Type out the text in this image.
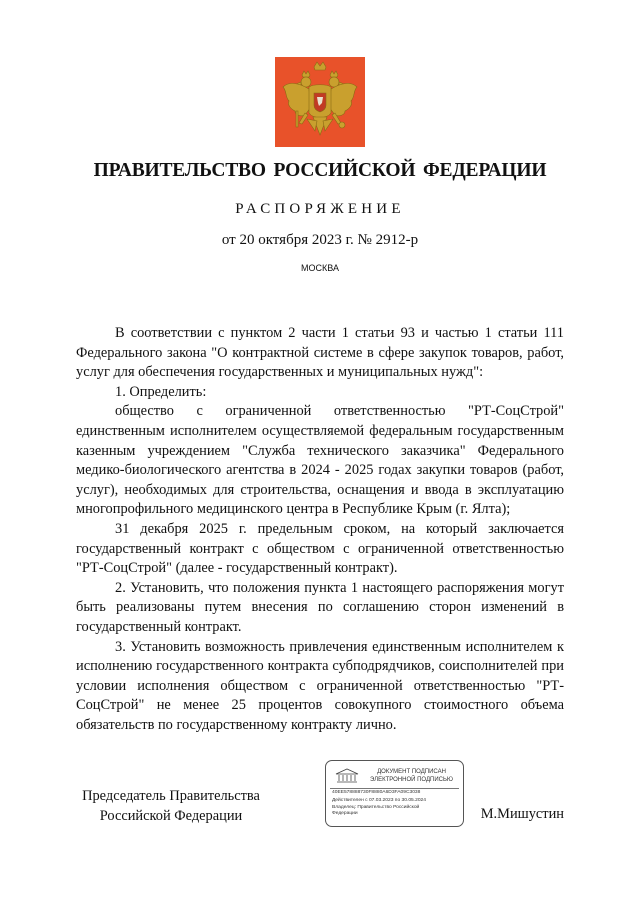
ПРАВИТЕЛЬСТВО РОССИЙСКОЙ ФЕДЕРАЦИИ
РАСПОРЯЖЕНИЕ
от 20 октября 2023 г. № 2912-р
МОСКВА

В соответствии с пунктом 2 части 1 статьи 93 и частью 1 статьи 111 Федерального закона "О контрактной системе в сфере закупок товаров, работ, услуг для обеспечения государственных и муниципальных нужд":

1. Определить:

общество с ограниченной ответственностью "РТ-СоцСтрой" единственным исполнителем осуществляемой федеральным государственным казенным учреждением "Служба технического заказчика" Федерального медико-биологического агентства в 2024 - 2025 годах закупки товаров (работ, услуг), необходимых для строительства, оснащения и ввода в эксплуатацию многопрофильного медицинского центра в Республике Крым (г. Ялта);

31 декабря 2025 г. предельным сроком, на который заключается государственный контракт с обществом с ограниченной ответственностью "РТ-СоцСтрой" (далее - государственный контракт).

2. Установить, что положения пункта 1 настоящего распоряжения могут быть реализованы путем внесения по соглашению сторон изменений в государственный контракт.

3. Установить возможность привлечения единственным исполнителем к исполнению государственного контракта субподрядчиков, соисполнителей при условии исполнения обществом с ограниченной ответственностью "РТ-СоцСтрой" не менее 25 процентов совокупного стоимостного объема обязательств по государственному контракту лично.

Председатель Правительства
Российской Федерации
ДОКУМЕНТ ПОДПИСАН
ЭЛЕКТРОННОЙ ПОДПИСЬЮ
40EE578888730F8880A6D3FA09C3038
Действителен с 07.03.2023 по 30.05.2024
Владелец: Правительство Российской
Федерации	М.Мишустин
